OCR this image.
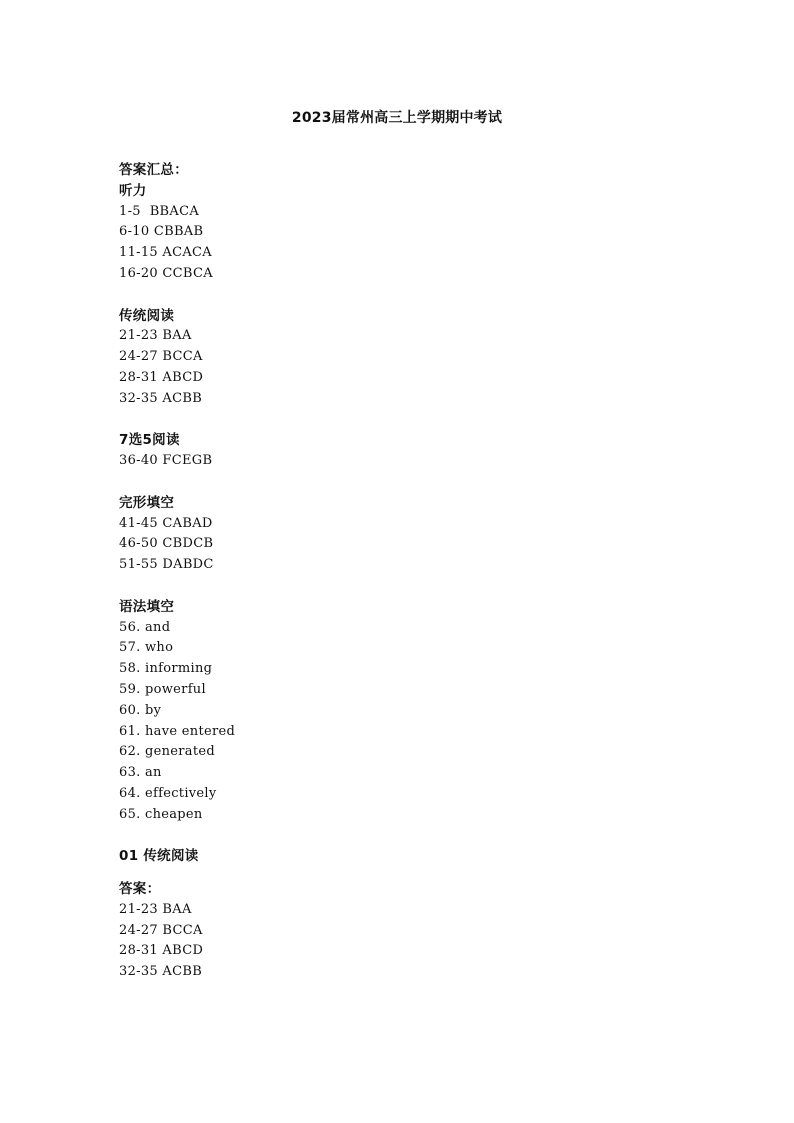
2023届常州高三上学期期中考试
答案汇总：
听力
1-5  BBACA
6-10 CBBAB
11-15 ACACA
16-20 CCBCA
传统阅读
21-23 BAA
24-27 BCCA
28-31 ABCD
32-35 ACBB
7选5阅读
36-40 FCEGB
完形填空
41-45 CABAD
46-50 CBDCB
51-55 DABDC
语法填空
56. and
57. who
58. informing
59. powerful
60. by
61. have entered
62. generated
63. an
64. effectively
65. cheapen
01 传统阅读
答案：
21-23 BAA
24-27 BCCA
28-31 ABCD
32-35 ACBB
